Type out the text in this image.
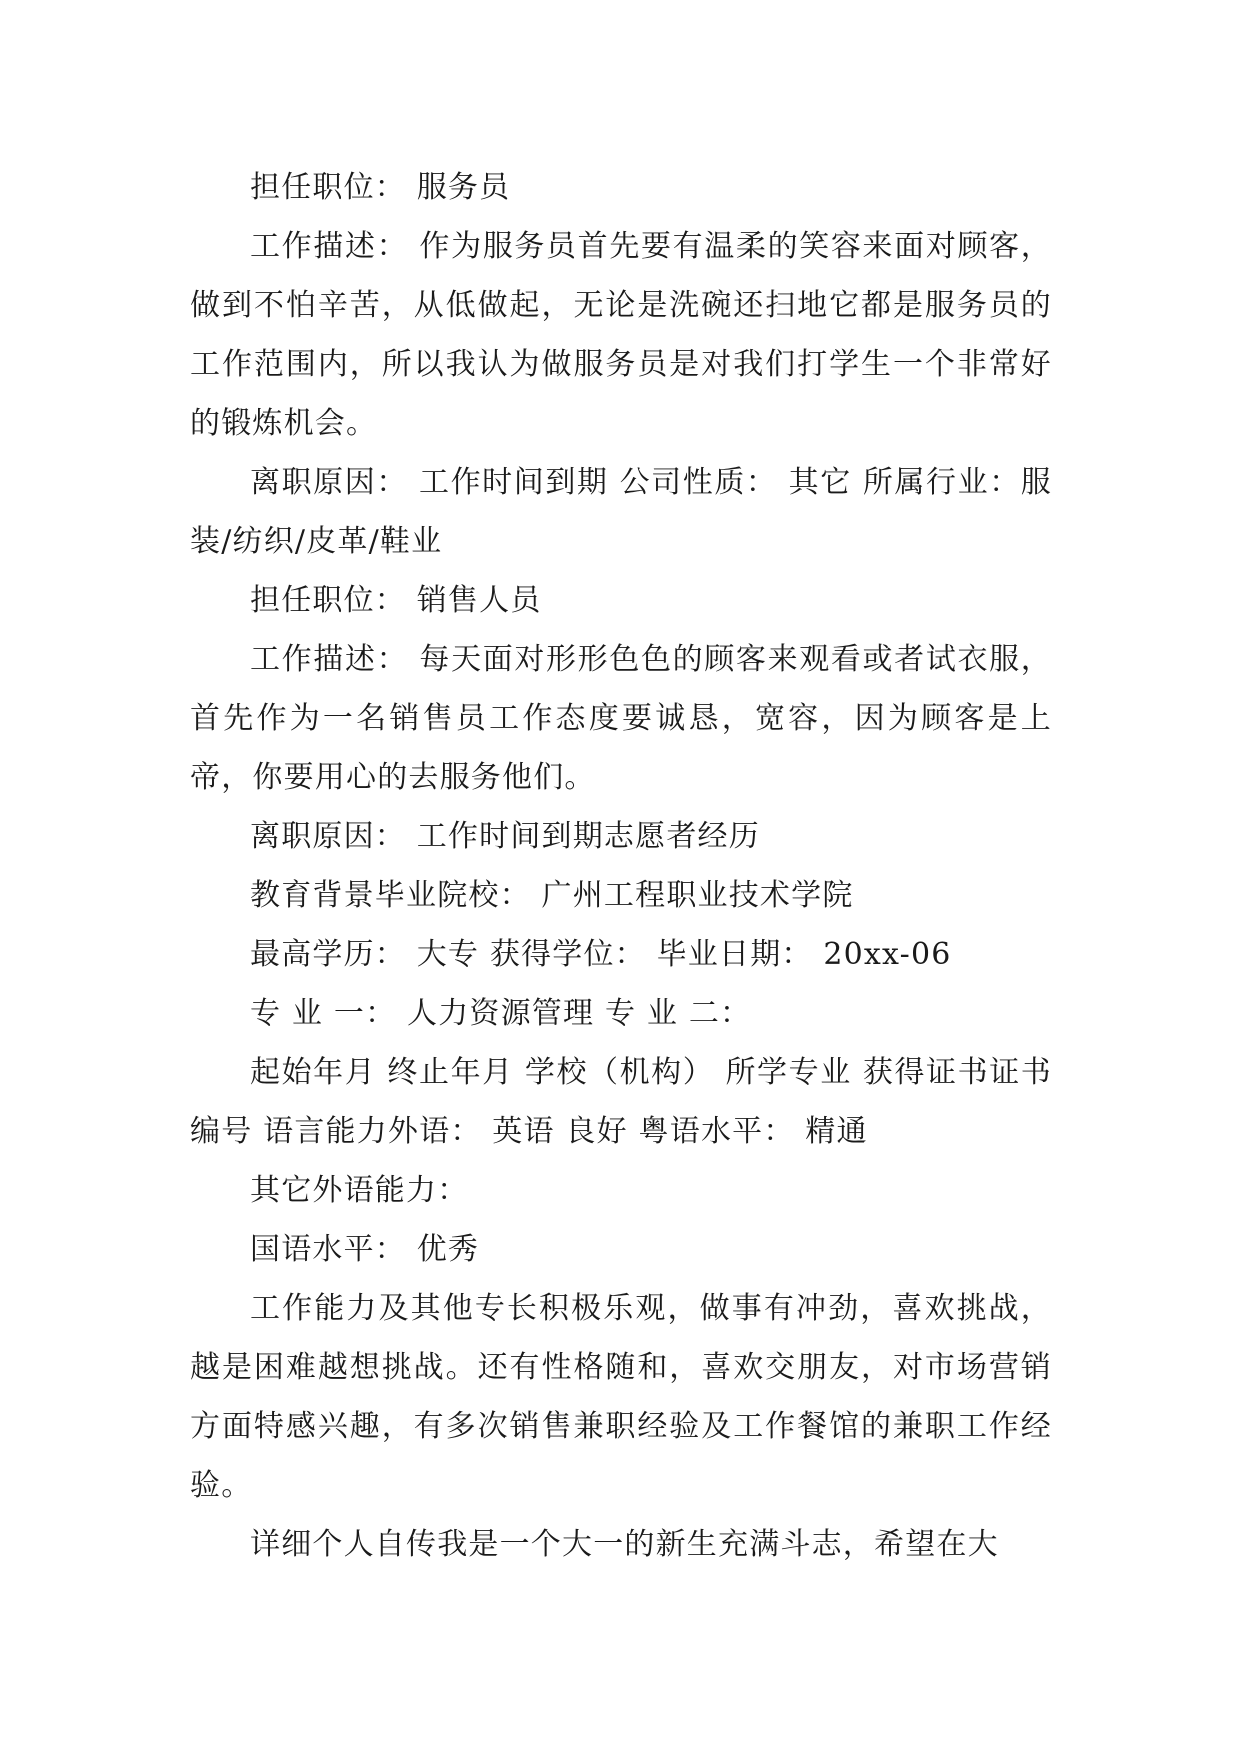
担任职位： 服务员

工作描述： 作为服务员首先要有温柔的笑容来面对顾客，做到不怕辛苦，从低做起，无论是洗碗还扫地它都是服务员的工作范围内，所以我认为做服务员是对我们打学生一个非常好的锻炼机会。

离职原因： 工作时间到期 公司性质： 其它 所属行业：服装/纺织/皮革/鞋业

担任职位： 销售人员

工作描述： 每天面对形形色色的顾客来观看或者试衣服，首先作为一名销售员工作态度要诚恳，宽容，因为顾客是上帝，你要用心的去服务他们。

离职原因： 工作时间到期志愿者经历

教育背景毕业院校： 广州工程职业技术学院

最高学历： 大专 获得学位： 毕业日期： 20xx-06

专 业 一： 人力资源管理 专 业 二：

起始年月 终止年月 学校（机构） 所学专业 获得证书证书编号 语言能力外语： 英语 良好 粤语水平： 精通

其它外语能力：

国语水平： 优秀

工作能力及其他专长积极乐观，做事有冲劲，喜欢挑战，越是困难越想挑战。还有性格随和，喜欢交朋友，对市场营销方面特感兴趣，有多次销售兼职经验及工作餐馆的兼职工作经验。

详细个人自传我是一个大一的新生充满斗志，希望在大
